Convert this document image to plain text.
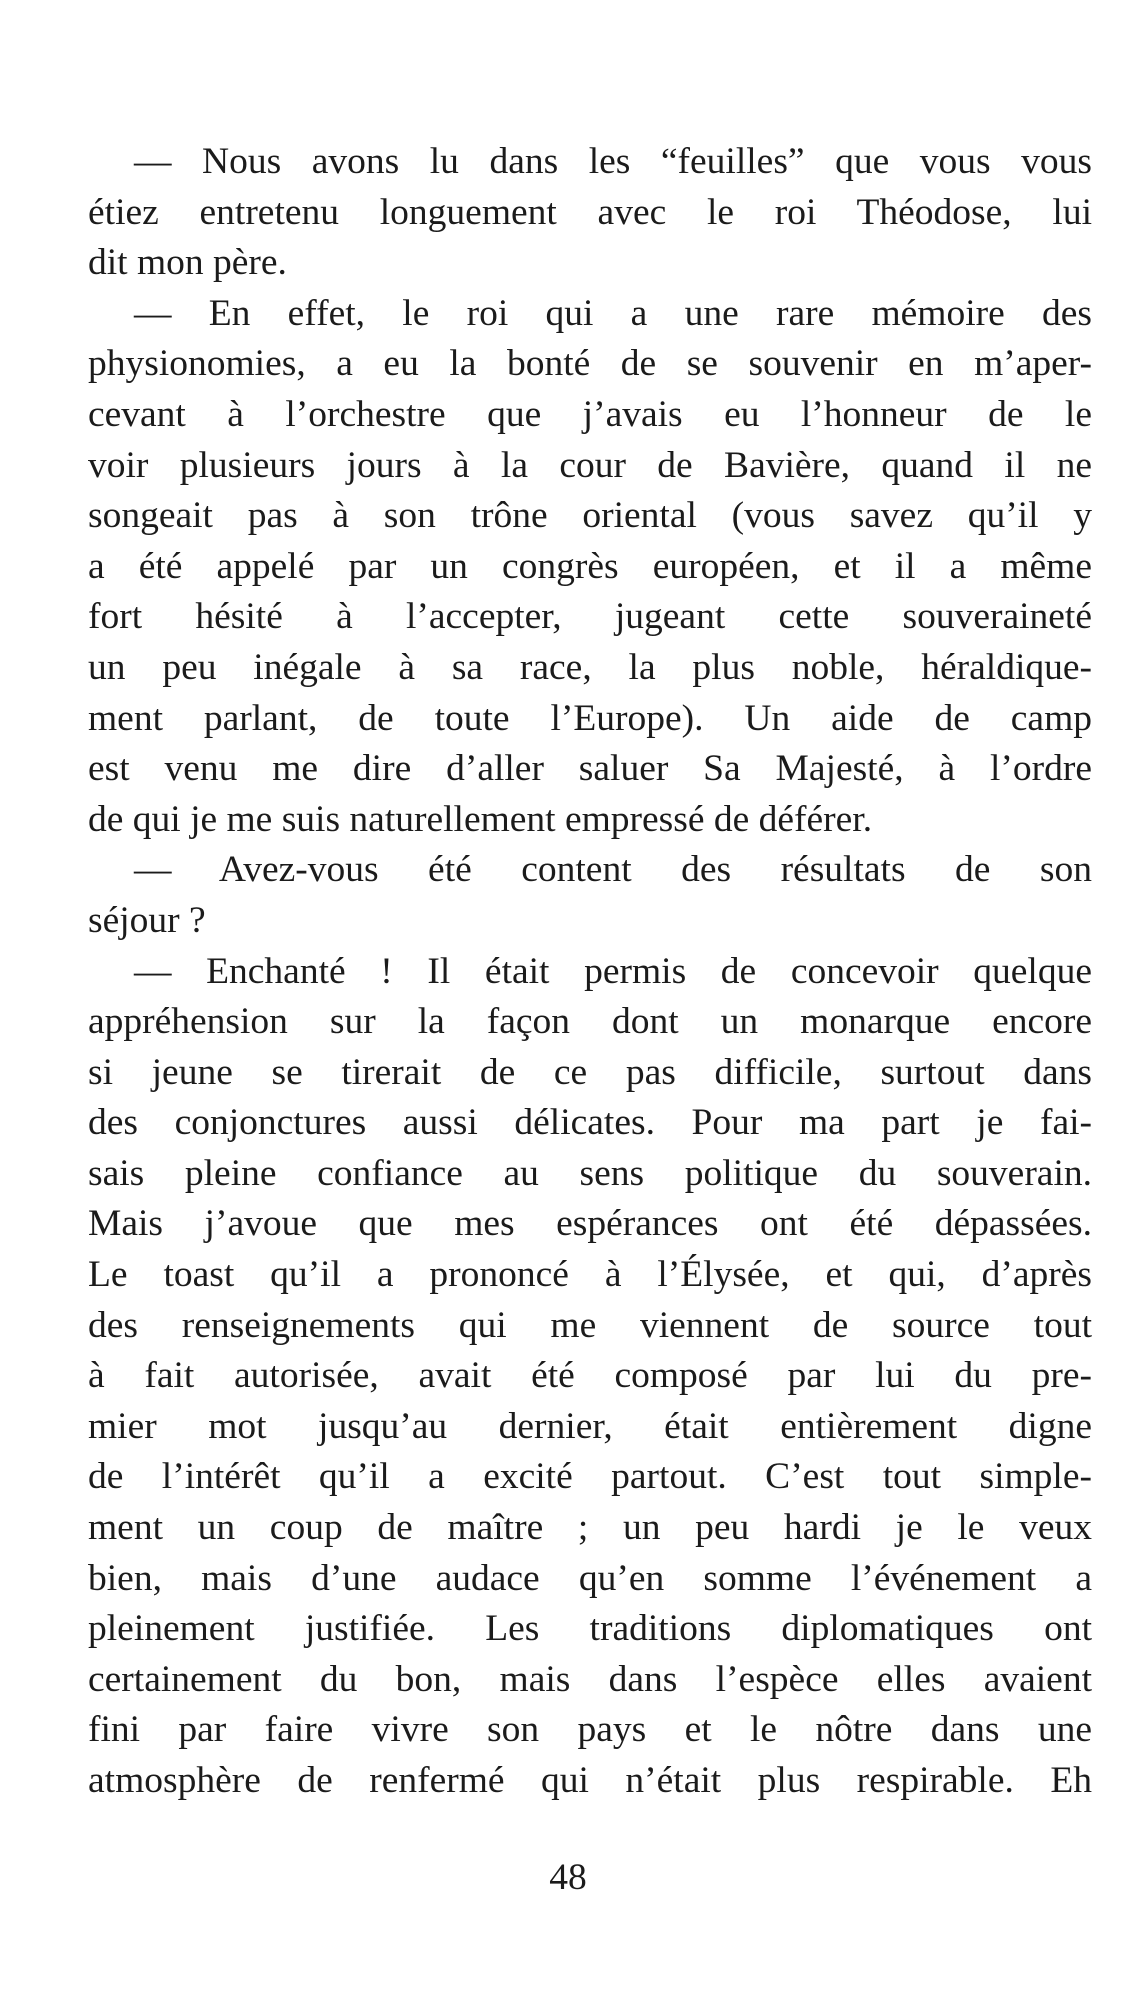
— Nous avons lu dans les “feuilles” que vous vous
étiez entretenu longuement avec le roi Théodose, lui
dit mon père.
— En effet, le roi qui a une rare mémoire des
physionomies, a eu la bonté de se souvenir en m’aper-
cevant à l’orchestre que j’avais eu l’honneur de le
voir plusieurs jours à la cour de Bavière, quand il ne
songeait pas à son trône oriental (vous savez qu’il y
a été appelé par un congrès européen, et il a même
fort hésité à l’accepter, jugeant cette souveraineté
un peu inégale à sa race, la plus noble, héraldique-
ment parlant, de toute l’Europe). Un aide de camp
est venu me dire d’aller saluer Sa Majesté, à l’ordre
de qui je me suis naturellement empressé de déférer.
— Avez-vous été content des résultats de son
séjour ?
— Enchanté ! Il était permis de concevoir quelque
appréhension sur la façon dont un monarque encore
si jeune se tirerait de ce pas difficile, surtout dans
des conjonctures aussi délicates. Pour ma part je fai-
sais pleine confiance au sens politique du souverain.
Mais j’avoue que mes espérances ont été dépassées.
Le toast qu’il a prononcé à l’Élysée, et qui, d’après
des renseignements qui me viennent de source tout
à fait autorisée, avait été composé par lui du pre-
mier mot jusqu’au dernier, était entièrement digne
de l’intérêt qu’il a excité partout. C’est tout simple-
ment un coup de maître ; un peu hardi je le veux
bien, mais d’une audace qu’en somme l’événement a
pleinement justifiée. Les traditions diplomatiques ont
certainement du bon, mais dans l’espèce elles avaient
fini par faire vivre son pays et le nôtre dans une
atmosphère de renfermé qui n’était plus respirable. Eh
48
